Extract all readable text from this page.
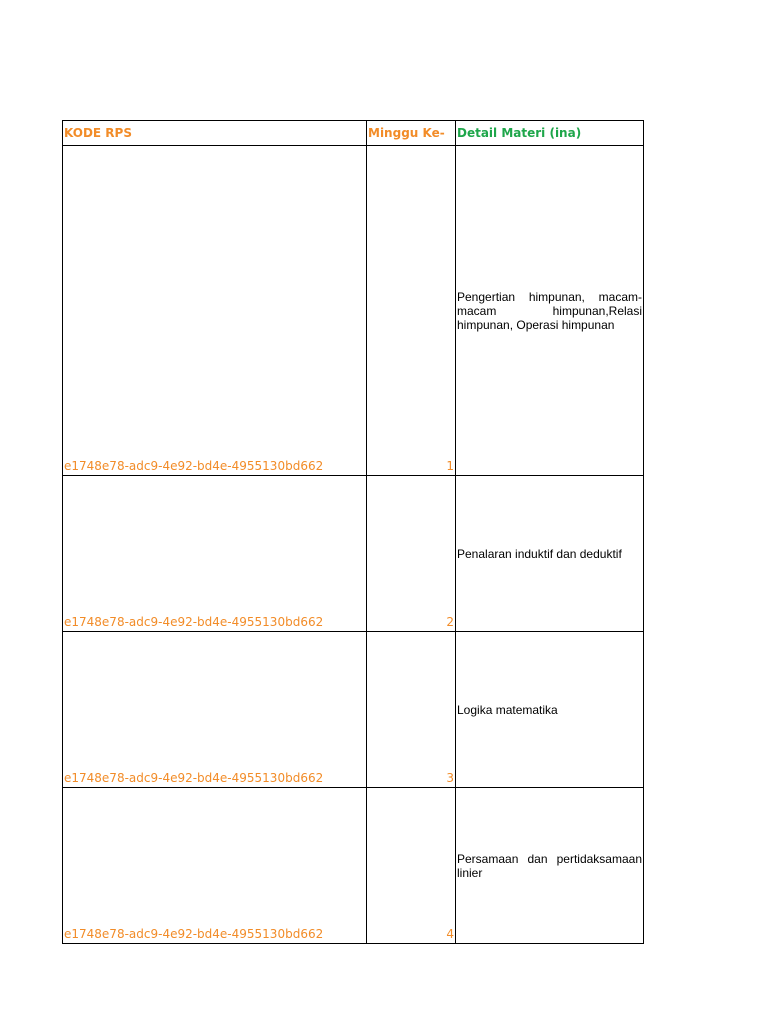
KODE RPS	Minggu Ke-	Detail Materi (ina)
e1748e78-adc9-4e92-bd4e-4955130bd662	1	Pengertian himpunan, macam-macam himpunan,Relasi himpunan, Operasi himpunan

e1748e78-adc9-4e92-bd4e-4955130bd662	2	Penalaran induktif dan deduktif

e1748e78-adc9-4e92-bd4e-4955130bd662	3	Logika matematika

e1748e78-adc9-4e92-bd4e-4955130bd662	4	Persamaan dan pertidaksamaan linier
